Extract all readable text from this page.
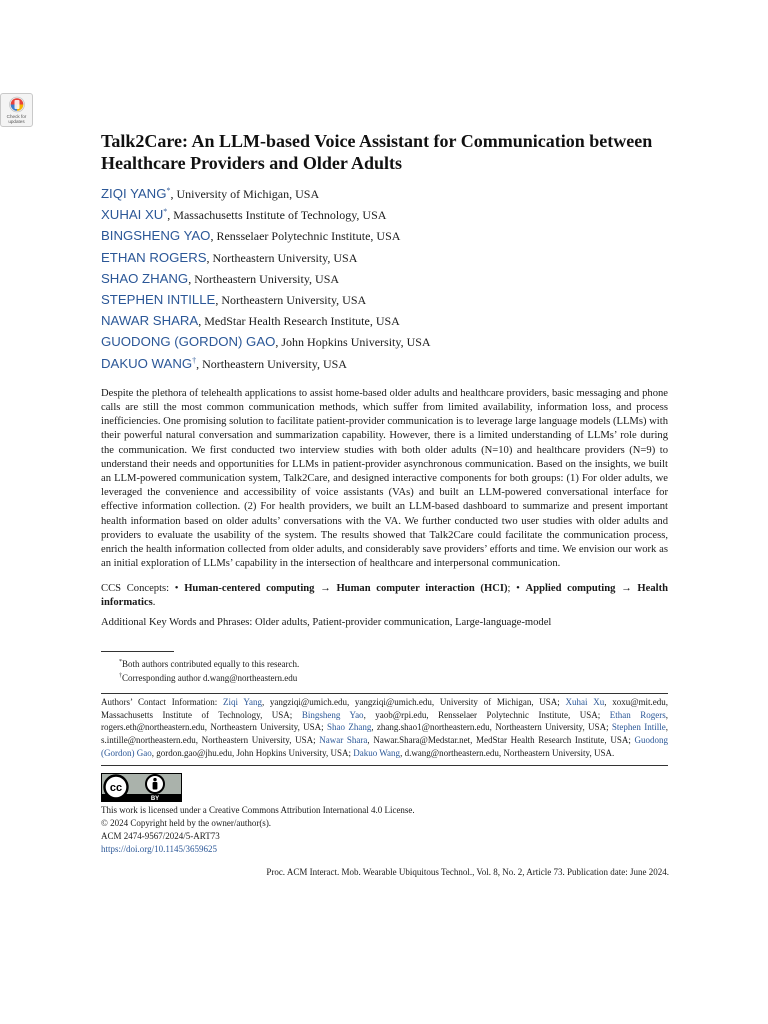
Check for updates
Talk2Care: An LLM-based Voice Assistant for Communication between Healthcare Providers and Older Adults
ZIQI YANG*, University of Michigan, USA
XUHAI XU*, Massachusetts Institute of Technology, USA
BINGSHENG YAO, Rensselaer Polytechnic Institute, USA
ETHAN ROGERS, Northeastern University, USA
SHAO ZHANG, Northeastern University, USA
STEPHEN INTILLE, Northeastern University, USA
NAWAR SHARA, MedStar Health Research Institute, USA
GUODONG (GORDON) GAO, John Hopkins University, USA
DAKUO WANG†, Northeastern University, USA

Despite the plethora of telehealth applications to assist home-based older adults and healthcare providers, basic messaging and phone calls are still the most common communication methods, which suffer from limited availability, information loss, and process inefficiencies. One promising solution to facilitate patient-provider communication is to leverage large language models (LLMs) with their powerful natural conversation and summarization capability. However, there is a limited understanding of LLMs’ role during the communication. We first conducted two interview studies with both older adults (N=10) and healthcare providers (N=9) to understand their needs and opportunities for LLMs in patient-provider asynchronous communication. Based on the insights, we built an LLM-powered communication system, Talk2Care, and designed interactive components for both groups: (1) For older adults, we leveraged the convenience and accessibility of voice assistants (VAs) and built an LLM-powered conversational interface for effective information collection. (2) For health providers, we built an LLM-based dashboard to summarize and present important health information based on older adults’ conversations with the VA. We further conducted two user studies with older adults and providers to evaluate the usability of the system. The results showed that Talk2Care could facilitate the communication process, enrich the health information collected from older adults, and considerably save providers’ efforts and time. We envision our work as an initial exploration of LLMs’ capability in the intersection of healthcare and interpersonal communication.

CCS Concepts: • Human-centered computing → Human computer interaction (HCI); • Applied computing → Health informatics.
Additional Key Words and Phrases: Older adults, Patient-provider communication, Large-language-model
*Both authors contributed equally to this research.
†Corresponding author d.wang@northeastern.edu
Authors’ Contact Information: Ziqi Yang, yangziqi@umich.edu, yangziqi@umich.edu, University of Michigan, USA; Xuhai Xu, xoxu@mit.edu, Massachusetts Institute of Technology, USA; Bingsheng Yao, yaob@rpi.edu, Rensselaer Polytechnic Institute, USA; Ethan Rogers, rogers.eth@northeastern.edu, Northeastern University, USA; Shao Zhang, zhang.shao1@northeastern.edu, Northeastern University, USA; Stephen Intille, s.intille@northeastern.edu, Northeastern University, USA; Nawar Shara, Nawar.Shara@Medstar.net, MedStar Health Research Institute, USA; Guodong (Gordon) Gao, gordon.gao@jhu.edu, John Hopkins University, USA; Dakuo Wang, d.wang@northeastern.edu, Northeastern University, USA.
cc
BY
This work is licensed under a Creative Commons Attribution International 4.0 License.
© 2024 Copyright held by the owner/author(s).
ACM 2474-9567/2024/5-ART73
https://doi.org/10.1145/3659625
Proc. ACM Interact. Mob. Wearable Ubiquitous Technol., Vol. 8, No. 2, Article 73. Publication date: June 2024.
